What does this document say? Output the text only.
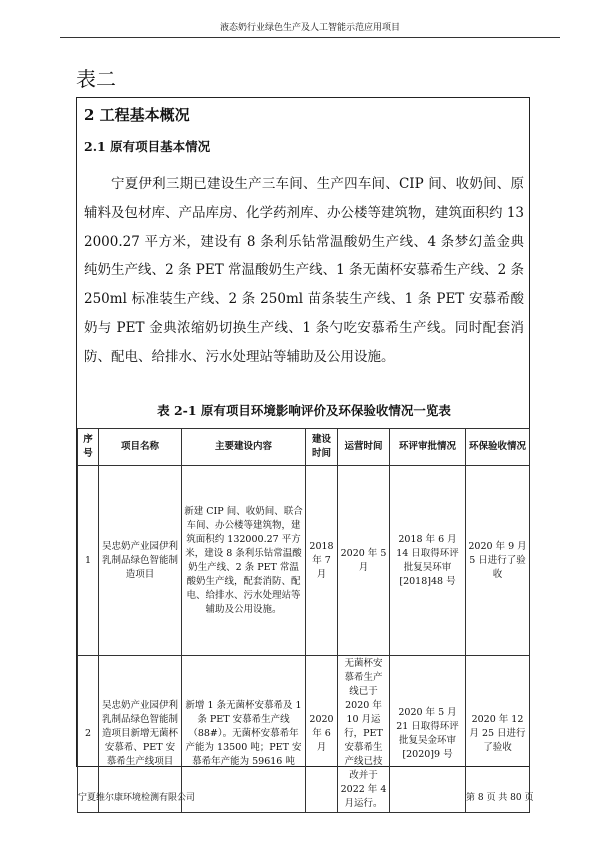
液态奶行业绿色生产及人工智能示范应用项目
表二
2 工程基本概况
2.1 原有项目基本情况
宁夏伊利三期已建设生产三车间、生产四车间、CIP 间、收奶间、原辅料及包材库、产品库房、化学药剂库、办公楼等建筑物，建筑面积约 132000.27 平方米，建设有 8 条利乐钻常温酸奶生产线、4 条梦幻盖金典纯奶生产线、2 条 PET 常温酸奶生产线、1 条无菌杯安慕希生产线、2 条 250ml 标准装生产线、2 条 250ml 苗条装生产线、1 条 PET 安慕希酸奶与 PET 金典浓缩奶切换生产线、1 条勺吃安慕希生产线。同时配套消防、配电、给排水、污水处理站等辅助及公用设施。
表 2-1 原有项目环境影响评价及环保验收情况一览表
序号	项目名称	主要建设内容	建设时间	运营时间	环评审批情况	环保验收情况
1	吴忠奶产业园伊利乳制品绿色智能制造项目	新建 CIP 间、收奶间、联合车间、办公楼等建筑物，建筑面积约 132000.27 平方米，建设 8 条利乐钻常温酸奶生产线、2 条 PET 常温酸奶生产线，配套消防、配电、给排水、污水处理站等辅助及公用设施。	2018 年 7月	2020 年 5月	2018 年 6 月 14 日取得环评批复吴环审[2018]48 号	2020 年 9 月 5 日进行了验收
2	吴忠奶产业园伊利乳制品绿色智能制造项目新增无菌杯安慕希、PET 安慕希生产线项目	新增 1 条无菌杯安慕希及 1 条 PET 安慕希生产线（88#）。无菌杯安慕希年产能为 13500 吨；PET 安慕希年产能为 59616 吨	2020 年 6月	无菌杯安慕希生产线已于 2020 年 10 月运行，PET 安慕希生产线已技改并于 2022 年 4 月运行。	2020 年 5 月 21 日取得环评批复吴金环审[2020]9 号	2020 年 12 月 25 日进行了验收
宁夏维尔康环境检测有限公司	第 8 页 共 80 页
